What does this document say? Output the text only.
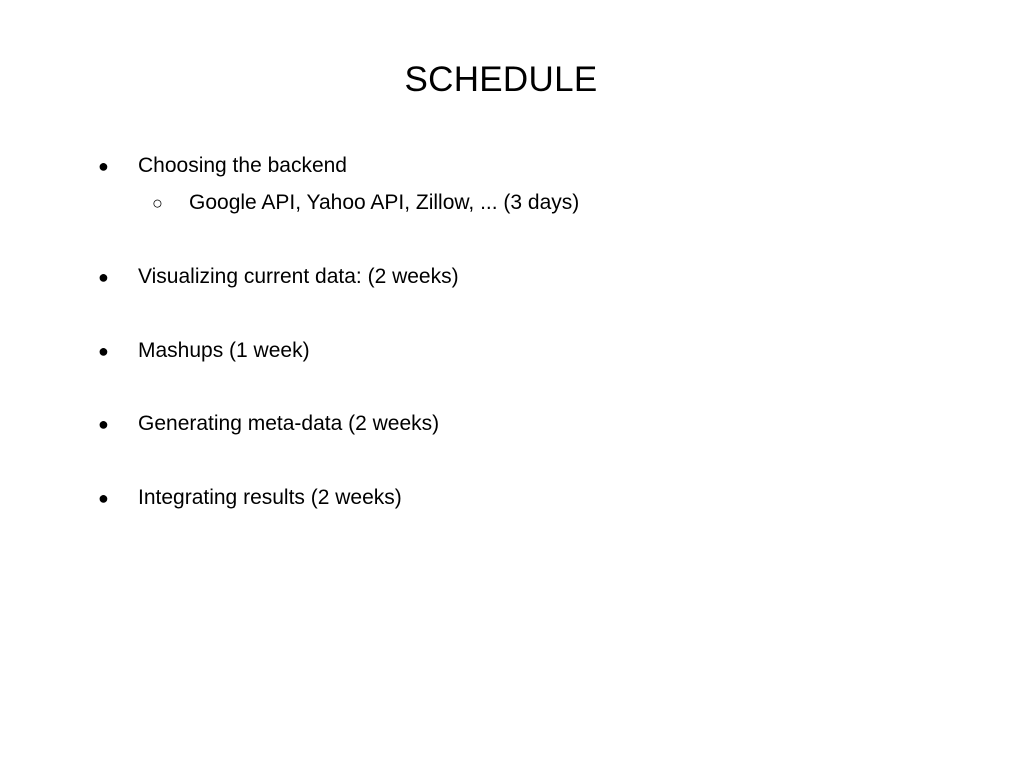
SCHEDULE
● Choosing the backend
○ Google API, Yahoo API, Zillow, ... (3 days)
● Visualizing current data: (2 weeks)
● Mashups (1 week)
● Generating meta-data (2 weeks)
● Integrating results (2 weeks)
